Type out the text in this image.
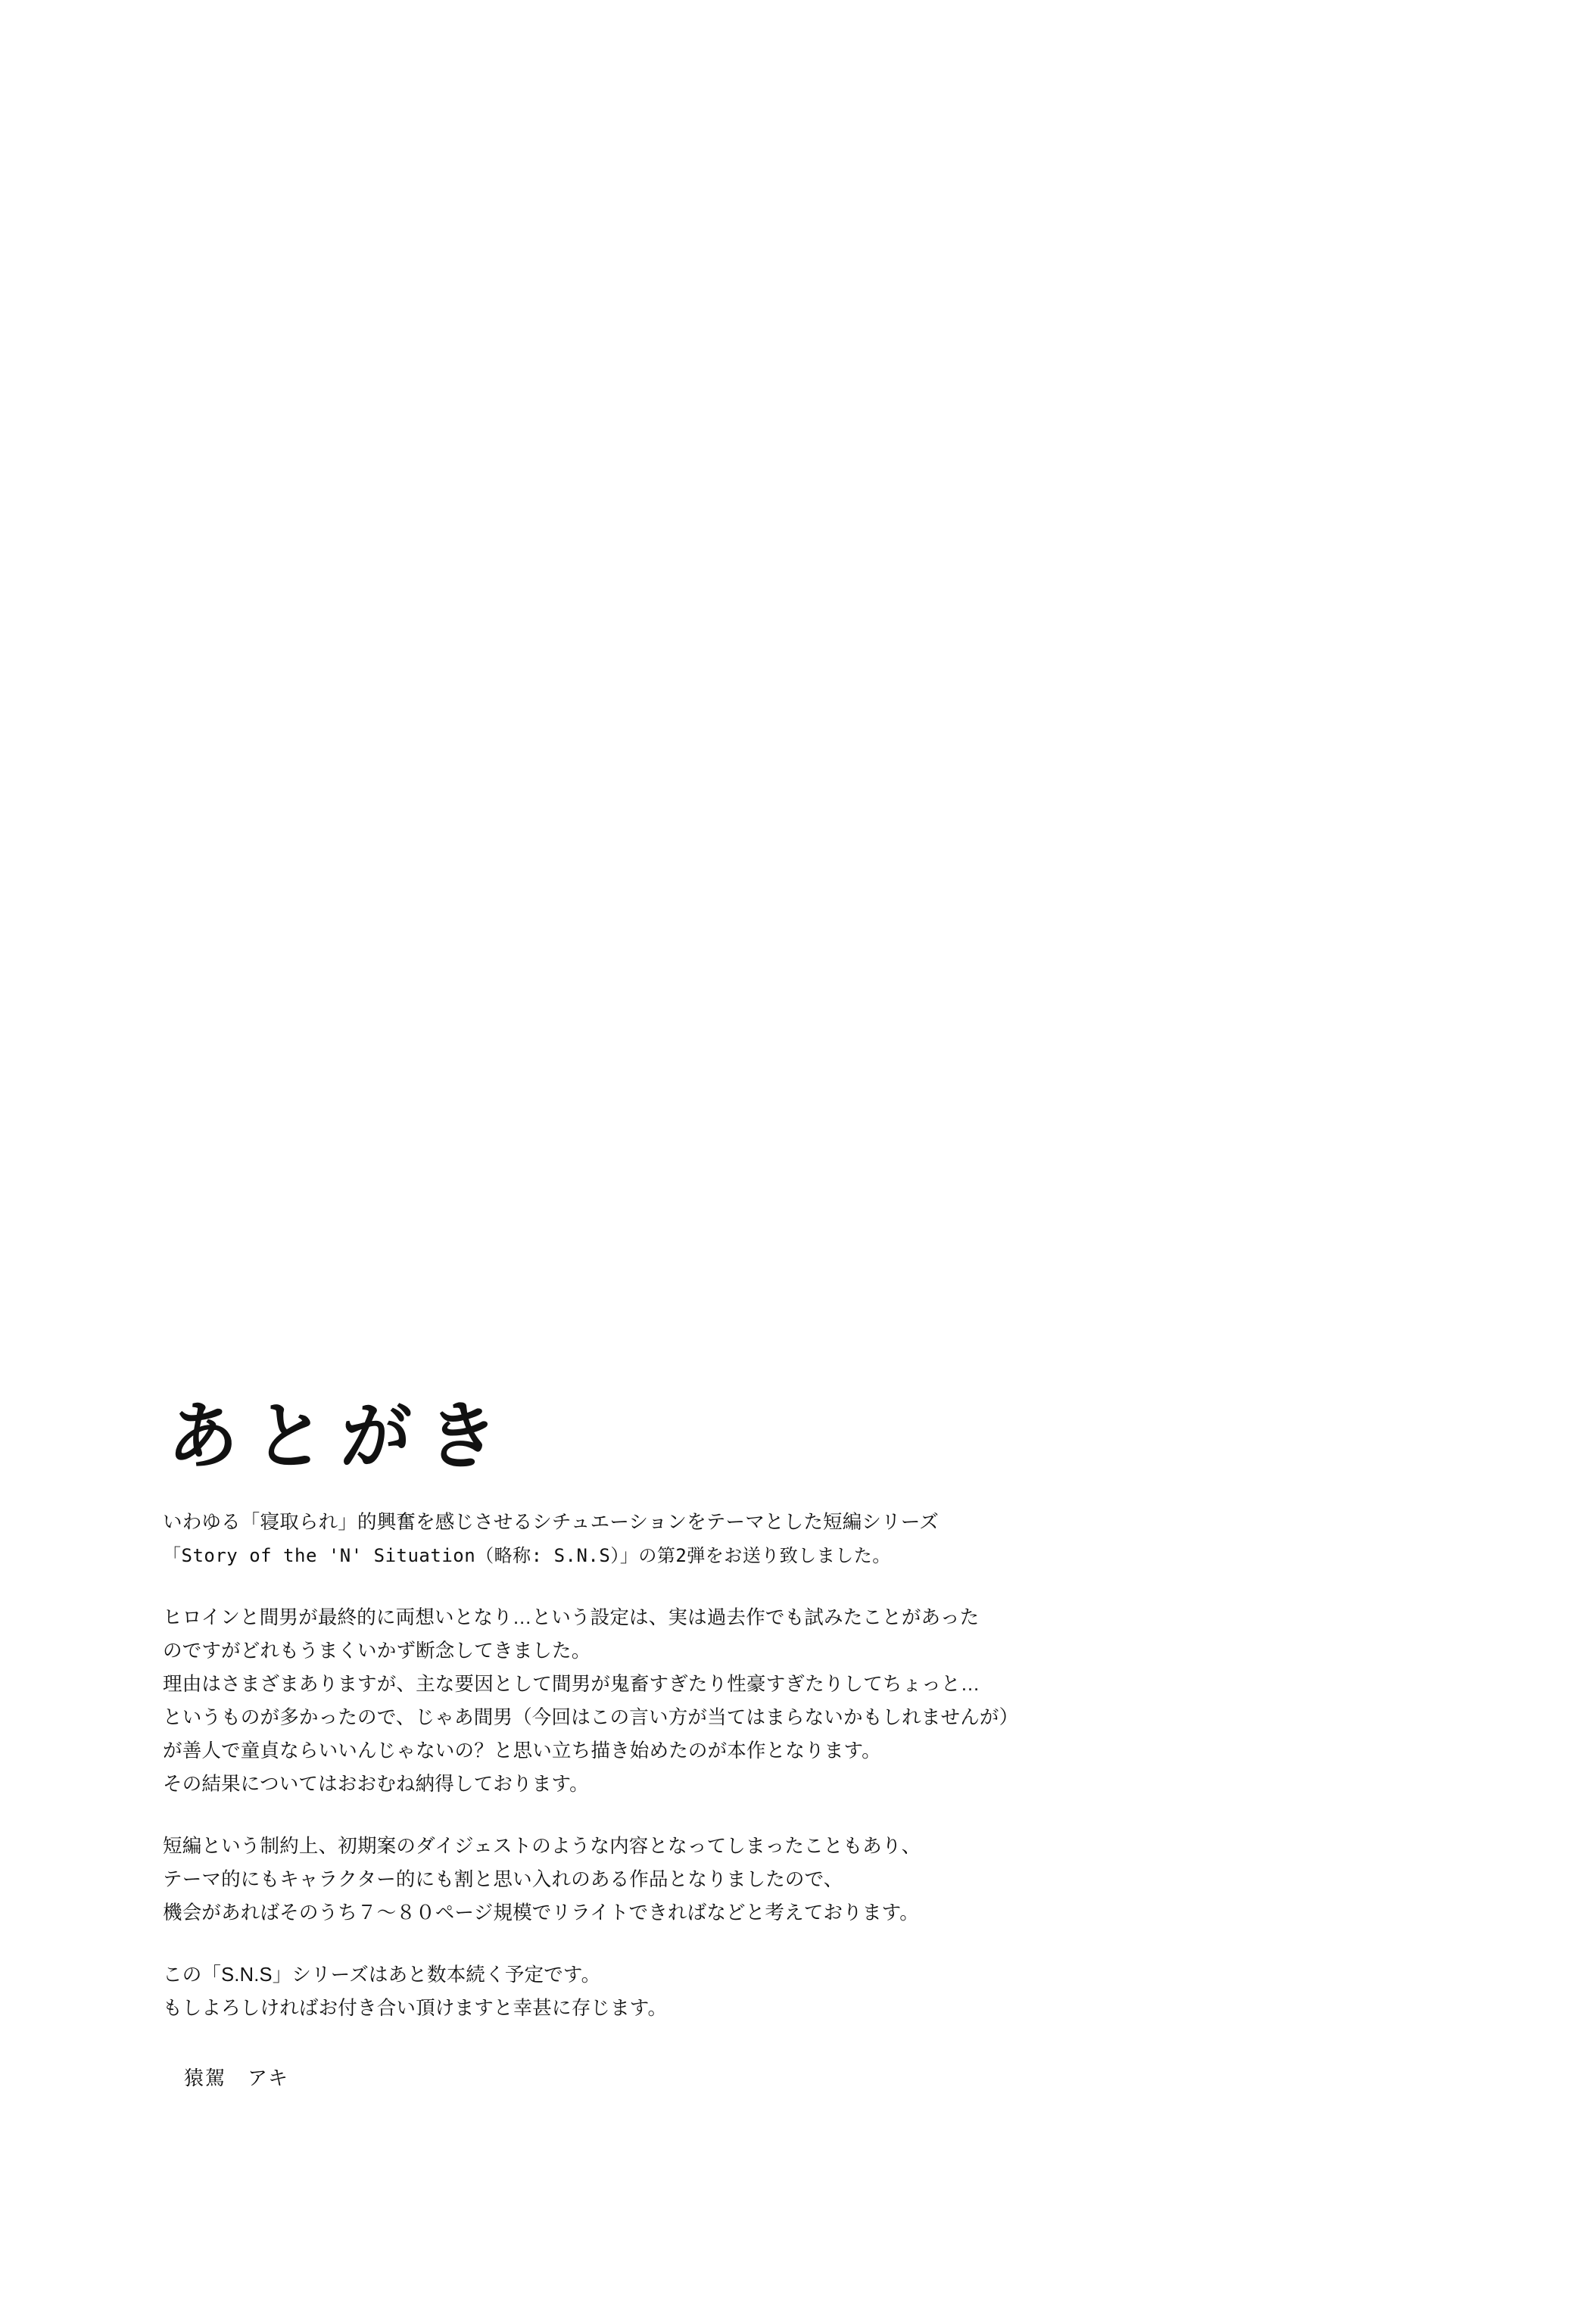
あとがき
いわゆる「寝取られ」的興奮を感じさせるシチュエーションをテーマとした短編シリーズ
「Story of the 'N' Situation（略称: S.N.S）」の第2弾をお送り致しました。
ヒロインと間男が最終的に両想いとなり…という設定は、実は過去作でも試みたことがあった
のですがどれもうまくいかず断念してきました。
理由はさまざまありますが、主な要因として間男が鬼畜すぎたり性豪すぎたりしてちょっと…
というものが多かったので、じゃあ間男（今回はこの言い方が当てはまらないかもしれませんが）
が善人で童貞ならいいんじゃないの？と思い立ち描き始めたのが本作となります。
その結果についてはおおむね納得しております。
短編という制約上、初期案のダイジェストのような内容となってしまったこともあり、
テーマ的にもキャラクター的にも割と思い入れのある作品となりましたので、
機会があればそのうち７～８０ページ規模でリライトできればなどと考えております。
この「S.N.S」シリーズはあと数本続く予定です。
もしよろしければお付き合い頂けますと幸甚に存じます。
猿駕　アキ
